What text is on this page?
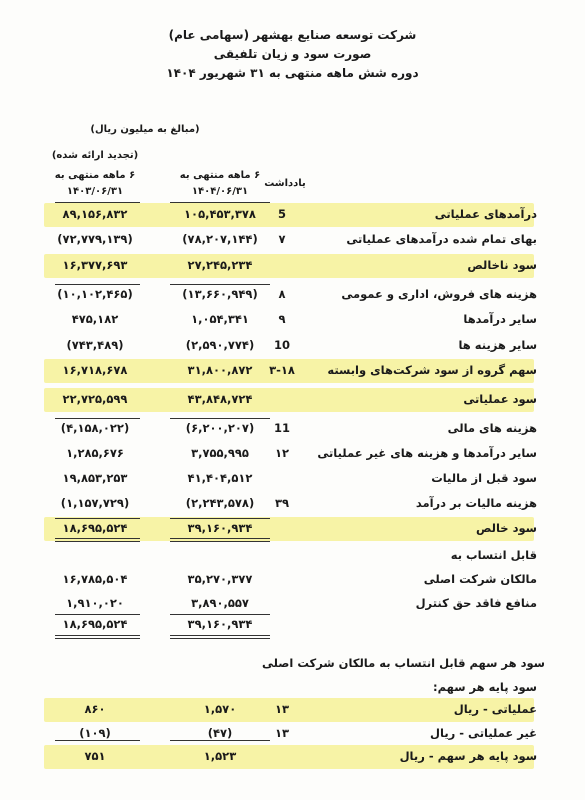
شرکت توسعه صنایع بهشهر (سهامی عام)
صورت سود و زیان تلفیقی
دوره شش ماهه منتهی به ۳۱ شهریور ۱۴۰۴
(مبالغ به میلیون ریال)
(تجدید ارائه شده)
۶ ماهه منتهی به
۱۴۰۳/۰۶/۳۱
۶ ماهه منتهی به
۱۴۰۴/۰۶/۳۱
یادداشت
درآمدهای عملیاتی
5
۱۰۵,۴۵۳,۳۷۸
۸۹,۱۵۶,۸۳۲
بهای تمام شده درآمدهای عملیاتی
۷
(۷۸,۲۰۷,۱۴۴)
(۷۲,۷۷۹,۱۳۹)
سود ناخالص
۲۷,۲۴۵,۲۳۴
۱۶,۳۷۷,۶۹۳
هزینه های فروش، اداری و عمومی
۸
(۱۳,۶۶۰,۹۴۹)
(۱۰,۱۰۲,۴۶۵)
سایر درآمدها
۹
۱,۰۵۴,۳۴۱
۴۷۵,۱۸۲
سایر هزینه ها
10
(۲,۵۹۰,۷۷۴)
(۷۴۳,۴۸۹)
سهم گروه از سود شرکت‌های وابسته
۳-۱۸
۳۱,۸۰۰,۸۷۲
۱۶,۷۱۸,۶۷۸
سود عملیاتی
۴۳,۸۴۸,۷۲۴
۲۲,۷۲۵,۵۹۹
هزینه های مالی
11
(۶,۲۰۰,۲۰۷)
(۴,۱۵۸,۰۲۲)
سایر درآمدها و هزینه های غیر عملیاتی
۱۲
۳,۷۵۵,۹۹۵
۱,۲۸۵,۶۷۶
سود قبل از مالیات
۴۱,۴۰۴,۵۱۲
۱۹,۸۵۳,۲۵۳
هزینه مالیات بر درآمد
۳۹
(۲,۲۴۳,۵۷۸)
(۱,۱۵۷,۷۲۹)
سود خالص
۳۹,۱۶۰,۹۳۴
۱۸,۶۹۵,۵۲۴
قابل انتساب به
مالکان شرکت اصلی
۳۵,۲۷۰,۳۷۷
۱۶,۷۸۵,۵۰۴
منافع فاقد حق کنترل
۳,۸۹۰,۵۵۷
۱,۹۱۰,۰۲۰
۳۹,۱۶۰,۹۳۴
۱۸,۶۹۵,۵۲۴
سود هر سهم قابل انتساب به مالکان شرکت اصلی
سود پایه هر سهم:
عملیاتی - ریال
۱۳
۱,۵۷۰
۸۶۰
غیر عملیاتی - ریال
۱۳
(۴۷)
(۱۰۹)
سود پایه هر سهم - ریال
۱,۵۲۳
۷۵۱
